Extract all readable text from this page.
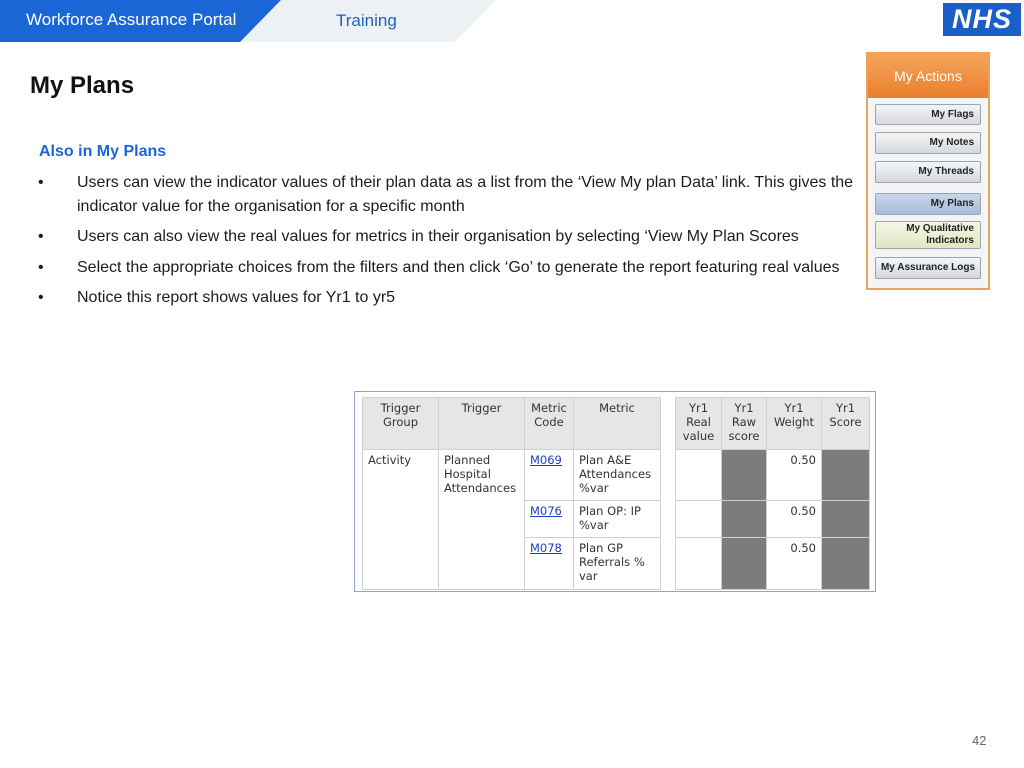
Workforce Assurance Portal	Training	NHS
My Plans
Also in My Plans
• Users can view the indicator values of their plan data as a list from the ‘View My plan Data’ link. This gives the indicator value for the organisation for a specific month
• Users can also view the real values for metrics in their organisation by selecting ‘View My Plan Scores
• Select the appropriate choices from the filters and then click ‘Go’ to generate the report featuring real values
• Notice this report shows values for Yr1 to yr5
My Actions
My Flags
My Notes
My Threads
My Plans
My Qualitative Indicators
My Assurance Logs
Trigger Group	Trigger	Metric Code	Metric
Activity	Planned Hospital Attendances	M069	Plan A&E Attendances %var
		M076	Plan OP: IP %var
		M078	Plan GP Referrals % var
Yr1 Real value	Yr1 Raw score	Yr1 Weight	Yr1 Score
		0.50	
		0.50	
		0.50	
42
